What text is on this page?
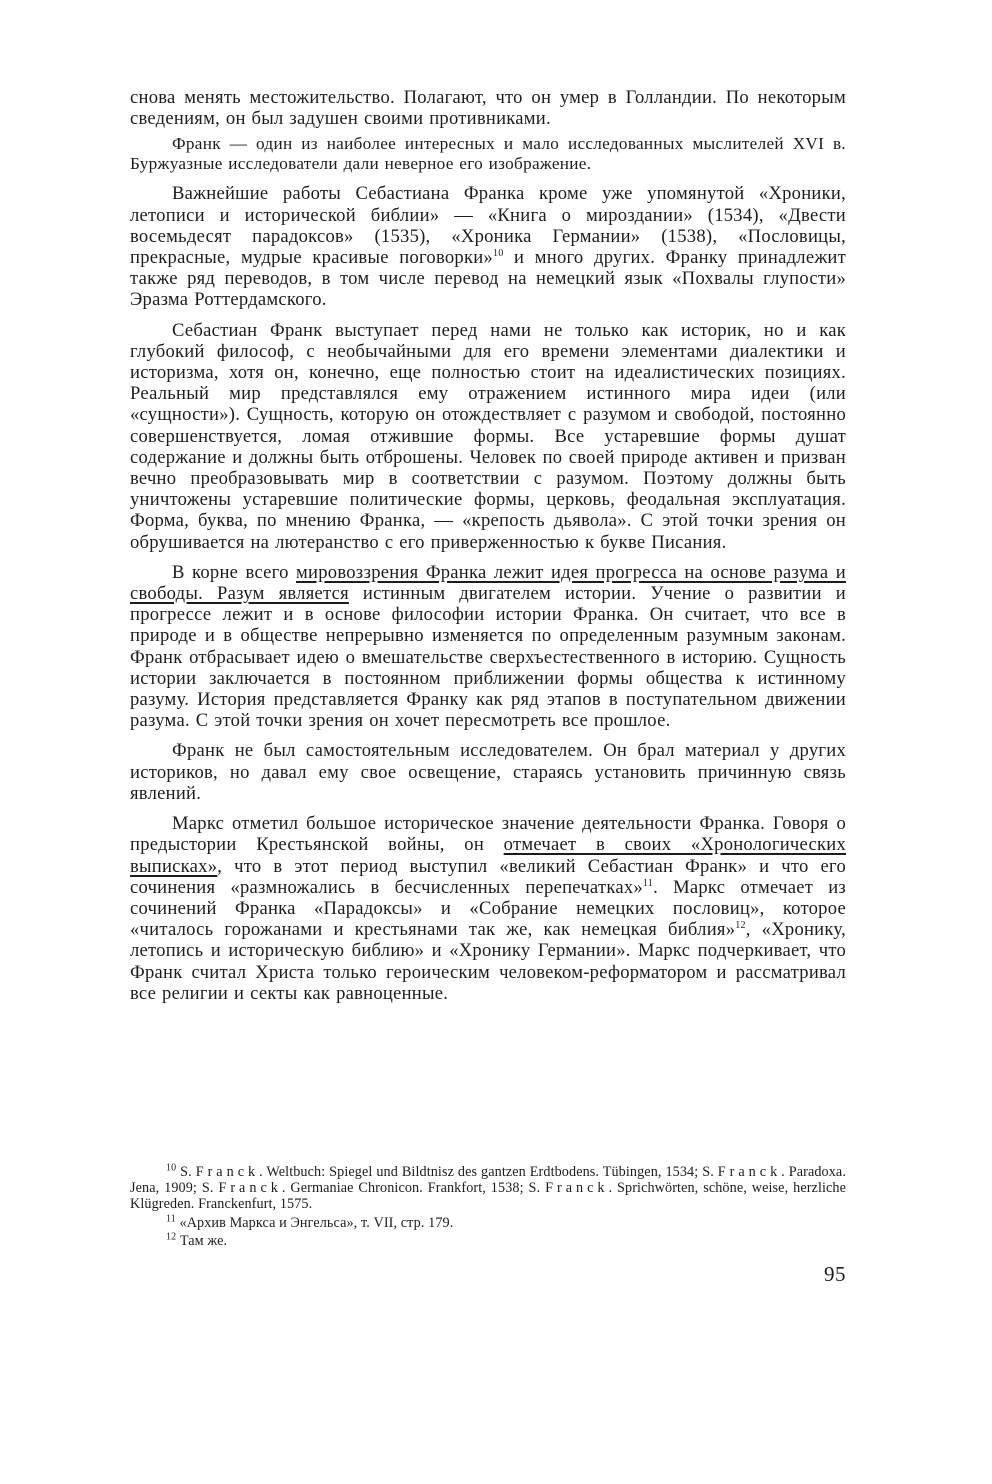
снова менять местожительство. Полагают, что он умер в Голландии. По некоторым сведениям, он был задушен своими противниками.

Франк — один из наиболее интересных и мало исследованных мыслителей XVI в. Буржуазные исследователи дали неверное его изображение.

Важнейшие работы Себастиана Франка кроме уже упомянутой «Хроники, летописи и исторической библии» — «Книга о мироздании» (1534), «Двести восемьдесят парадоксов» (1535), «Хроника Германии» (1538), «Пословицы, прекрасные, мудрые красивые поговорки»$^{10}$ и много других. Франку принадлежит также ряд переводов, в том числе перевод на немецкий язык «Похвалы глупости» Эразма Роттердамского.

Себастиан Франк выступает перед нами не только как историк, но и как глубокий философ, с необычайными для его времени элементами диалектики и историзма, хотя он, конечно, еще полностью стоит на идеалистических позициях. Реальный мир представлялся ему отражением истинного мира идеи (или «сущности»). Сущность, которую он отождествляет с разумом и свободой, постоянно совершенствуется, ломая отжившие формы. Все устаревшие формы душат содержание и должны быть отброшены. Человек по своей природе активен и призван вечно преобразовывать мир в соответствии с разумом. Поэтому должны быть уничтожены устаревшие политические формы, церковь, феодальная эксплуатация. Форма, буква, по мнению Франка, — «крепость дьявола». С этой точки зрения он обрушивается на лютеранство с его приверженностью к букве Писания.

В корне всего мировоззрения Франка лежит идея прогресса на основе разума и свободы. Разум является истинным двигателем истории. Учение о развитии и прогрессе лежит и в основе философии истории Франка. Он считает, что все в природе и в обществе непрерывно изменяется по определенным разумным законам. Франк отбрасывает идею о вмешательстве сверхъестественного в историю. Сущность истории заключается в постоянном приближении формы общества к истинному разуму. История представляется Франку как ряд этапов в поступательном движении разума. С этой точки зрения он хочет пересмотреть все прошлое.

Франк не был самостоятельным исследователем. Он брал материал у других историков, но давал ему свое освещение, стараясь установить причинную связь явлений.

Маркс отметил большое историческое значение деятельности Франка. Говоря о предыстории Крестьянской войны, он отмечает в своих «Хронологических выписках», что в этот период выступил «великий Себастиан Франк» и что его сочинения «размножались в бесчисленных перепечатках»$^{11}$. Маркс отмечает из сочинений Франка «Парадоксы» и «Собрание немецких пословиц», которое «читалось горожанами и крестьянами так же, как немецкая библия»$^{12}$, «Хронику, летопись и историческую библию» и «Хронику Германии». Маркс подчеркивает, что Франк считал Христа только героическим человеком-реформатором и рассматривал все религии и секты как равноценные.

$^{10}$ S. Franck. Weltbuch: Spiegel und Bildtnisz des gantzen Erdtbodens. Tübingen, 1534; S. Franck. Paradoxa. Jena, 1909; S. Franck. Germaniae Chronicon. Frankfort, 1538; S. Franck. Sprichwörten, schöne, weise, herzliche Klügreden. Franckenfurt, 1575.

$^{11}$ «Архив Маркса и Энгельса», т. VII, стр. 179.

$^{12}$ Там же.

95
